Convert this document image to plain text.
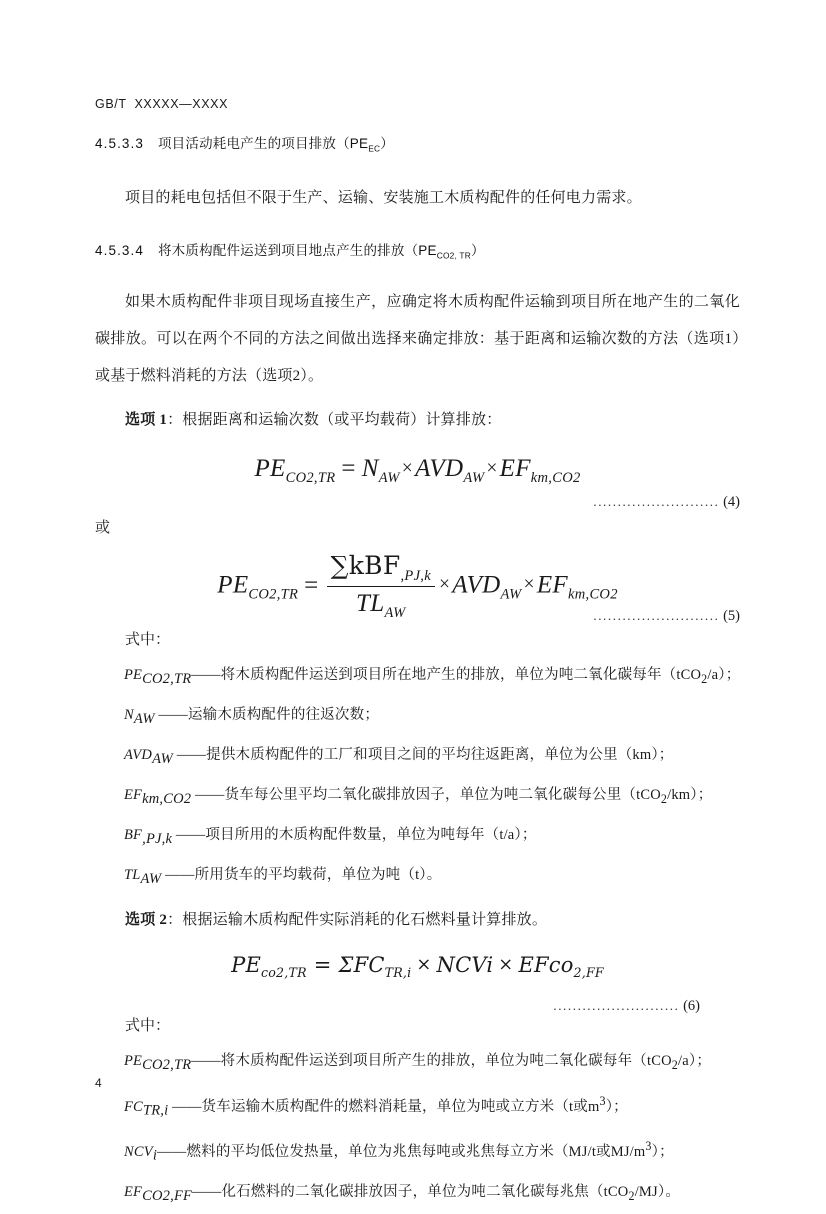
GB/T  XXXXX—XXXX
4.5.3.3 项目活动耗电产生的项目排放$(PE_{EC})$
项目的耗电包括但不限于生产、运输、安装施工木质构配件的任何电力需求。
4.5.3.4 将木质构配件运送到项目地点产生的排放$(PE_{CO2, TR})$
如果木质构配件非项目现场直接生产，应确定将木质构配件运输到项目所在地产生的二氧化碳排放。可以在两个不同的方法之间做出选择来确定排放：基于距离和运输次数的方法（选项1）或基于燃料消耗的方法（选项2）。
选项 1：根据距离和运输次数（或平均载荷）计算排放：
$PE_{CO2,TR} = N_{AW} \times AVD_{AW} \times EF_{km,CO2}$
.......................... (4)
或
$PE_{CO2,TR} = \frac{\sum kBF_{,PJ,k}}{TL_{AW}} \times AVD_{AW} \times EF_{km,CO2}$
.......................... (5)
式中：
$PE_{CO2,TR}——$将木质构配件运送到项目所在地产生的排放，单位为吨二氧化碳每年（tCO$_2$/a）；
$N_{AW}$ ——运输木质构配件的往返次数；
$AVD_{AW}$ ——提供木质构配件的工厂和项目之间的平均往返距离，单位为公里（km）；
$EF_{km,CO2}$ ——货车每公里平均二氧化碳排放因子，单位为吨二氧化碳每公里（tCO$_2$/km）；
$BF_{,PJ,k}$ ——项目所用的木质构配件数量，单位为吨每年（t/a）；
$TL_{AW}$ ——所用货车的平均载荷，单位为吨（t）。
选项 2：根据运输木质构配件实际消耗的化石燃料量计算排放。
$PE_{co2,TR} = \Sigma FC_{TR,i}$ × NCVi × EFco$_{2,FF}$
.......................... (6)
式中：
$PE_{CO2,TR}——$将木质构配件运送到项目所产生的排放，单位为吨二氧化碳每年（tCO$_2$/a）；
$FC_{TR,i}$ ——货车运输木质构配件的燃料消耗量，单位为吨或立方米（t或$m^3$）；
$NCV_i——$燃料的平均低位发热量，单位为兆焦每吨或兆焦每立方米（MJ/t或$MJ/m^3$）；
$EF_{CO2,FF}——$化石燃料的二氧化碳排放因子，单位为吨二氧化碳每兆焦（tCO$_2$/MJ）。
4
